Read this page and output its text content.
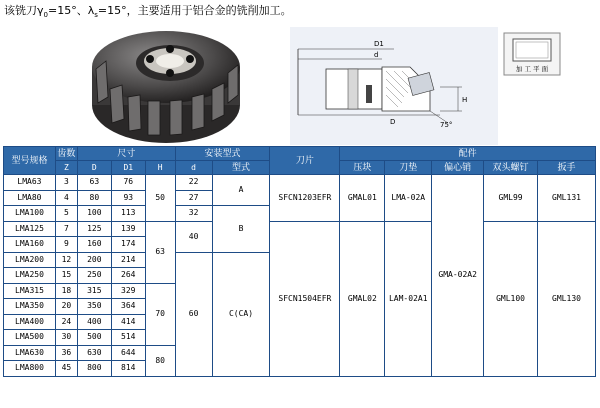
该铣刀$\gamma_0=15^\circ$、$\lambda_s=15^\circ$，主要适用于铝合金的铣削加工。
D1
d
H
75°
D
加 工 平 面
型号规格	齿数	尺寸			安装型式		刀片	配件				
	Z	D	D1	H	d	型式		压块	刀垫	偏心销	双头螺钉	扳手
LMA63	3	63	76	50	22	A	SFCN1203EFR	GMAL01	LMA-02A	GMA-02A2	GML99	GML131
LMA80	4	80	93		27							
LMA100	5	100	113		32	B						
LMA125	7	125	139	63	40		SFCN1504EFR	GMAL02	LAM-02A1		GML100	GML130
LMA160	9	160	174									
LMA200	12	200	214		60	C(CA)						
LMA250	15	250	264									
LMA315	18	315	329	70								
LMA350	20	350	364									
LMA400	24	400	414									
LMA500	30	500	514									
LMA630	36	630	644	80								
LMA800	45	800	814									
